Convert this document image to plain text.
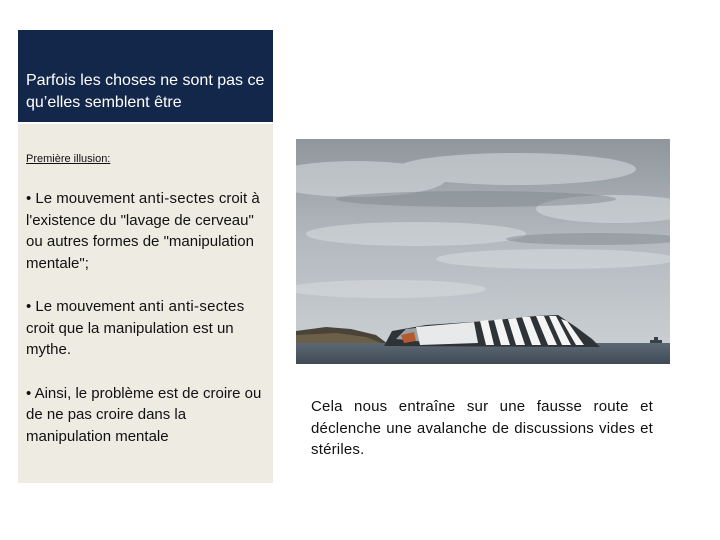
Parfois les choses ne sont pas ce qu’elles semblent être
Première illusion:
• Le mouvement anti-sectes croit à l'existence du "lavage de cerveau" ou autres formes de "manipulation mentale";
• Le mouvement anti anti-sectes croit que la manipulation est un mythe.
• Ainsi, le problème est de croire ou de ne pas croire dans la manipulation mentale
Cela nous entraîne sur une fausse route et déclenche une avalanche de discussions vides et stériles.
